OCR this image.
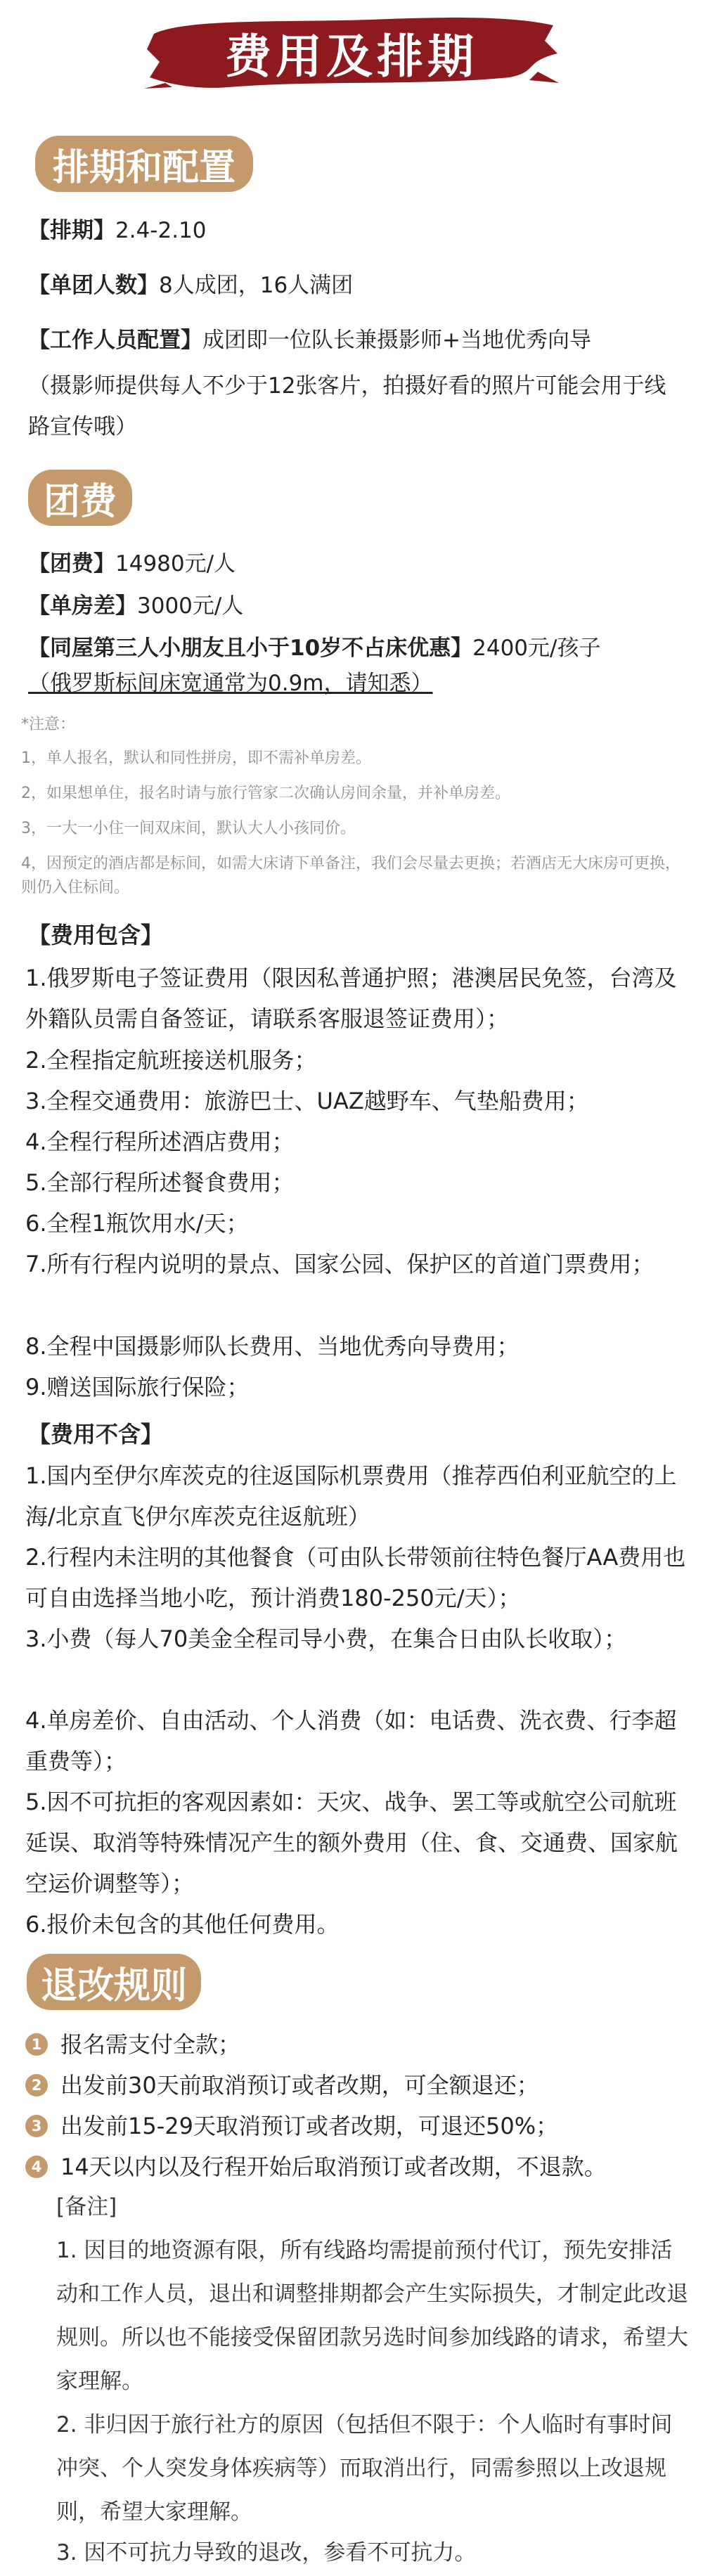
费用及排期
排期和配置
【排期】2.4-2.10
【单团人数】8人成团，16人满团
【工作人员配置】成团即一位队长兼摄影师+当地优秀向导
（摄影师提供每人不少于12张客片，拍摄好看的照片可能会用于线路宣传哦）
团费
【团费】14980元/人
【单房差】3000元/人
【同屋第三人小朋友且小于10岁不占床优惠】2400元/孩子
（俄罗斯标间床宽通常为0.9m，请知悉）
*注意：
1，单人报名，默认和同性拼房，即不需补单房差。
2，如果想单住，报名时请与旅行管家二次确认房间余量，并补单房差。
3，一大一小住一间双床间，默认大人小孩同价。
4，因预定的酒店都是标间，如需大床请下单备注，我们会尽量去更换；若酒店无大床房可更换，则仍入住标间。
【费用包含】
1.俄罗斯电子签证费用（限因私普通护照；港澳居民免签，台湾及外籍队员需自备签证，请联系客服退签证费用）；
2.全程指定航班接送机服务；
3.全程交通费用：旅游巴士、UAZ越野车、气垫船费用；
4.全程行程所述酒店费用；
5.全部行程所述餐食费用；
6.全程1瓶饮用水/天；
7.所有行程内说明的景点、国家公园、保护区的首道门票费用；
8.全程中国摄影师队长费用、当地优秀向导费用；
9.赠送国际旅行保险；
【费用不含】
1.国内至伊尔库茨克的往返国际机票费用（推荐西伯利亚航空的上海/北京直飞伊尔库茨克往返航班）
2.行程内未注明的其他餐食（可由队长带领前往特色餐厅AA费用也可自由选择当地小吃，预计消费180-250元/天）；
3.小费（每人70美金全程司导小费，在集合日由队长收取）；
4.单房差价、自由活动、个人消费（如：电话费、洗衣费、行李超重费等）；
5.因不可抗拒的客观因素如：天灾、战争、罢工等或航空公司航班延误、取消等特殊情况产生的额外费用（住、食、交通费、国家航空运价调整等）；
6.报价未包含的其他任何费用。
退改规则
1 报名需支付全款；
2 出发前30天前取消预订或者改期，可全额退还；
3 出发前15-29天取消预订或者改期，可退还50%；
4 14天以内以及行程开始后取消预订或者改期，不退款。
[备注]
1. 因目的地资源有限，所有线路均需提前预付代订，预先安排活动和工作人员，退出和调整排期都会产生实际损失，才制定此改退规则。所以也不能接受保留团款另选时间参加线路的请求，希望大家理解。
2. 非归因于旅行社方的原因（包括但不限于：个人临时有事时间冲突、个人突发身体疾病等）而取消出行，同需参照以上改退规则，希望大家理解。
3. 因不可抗力导致的退改，参看不可抗力。
